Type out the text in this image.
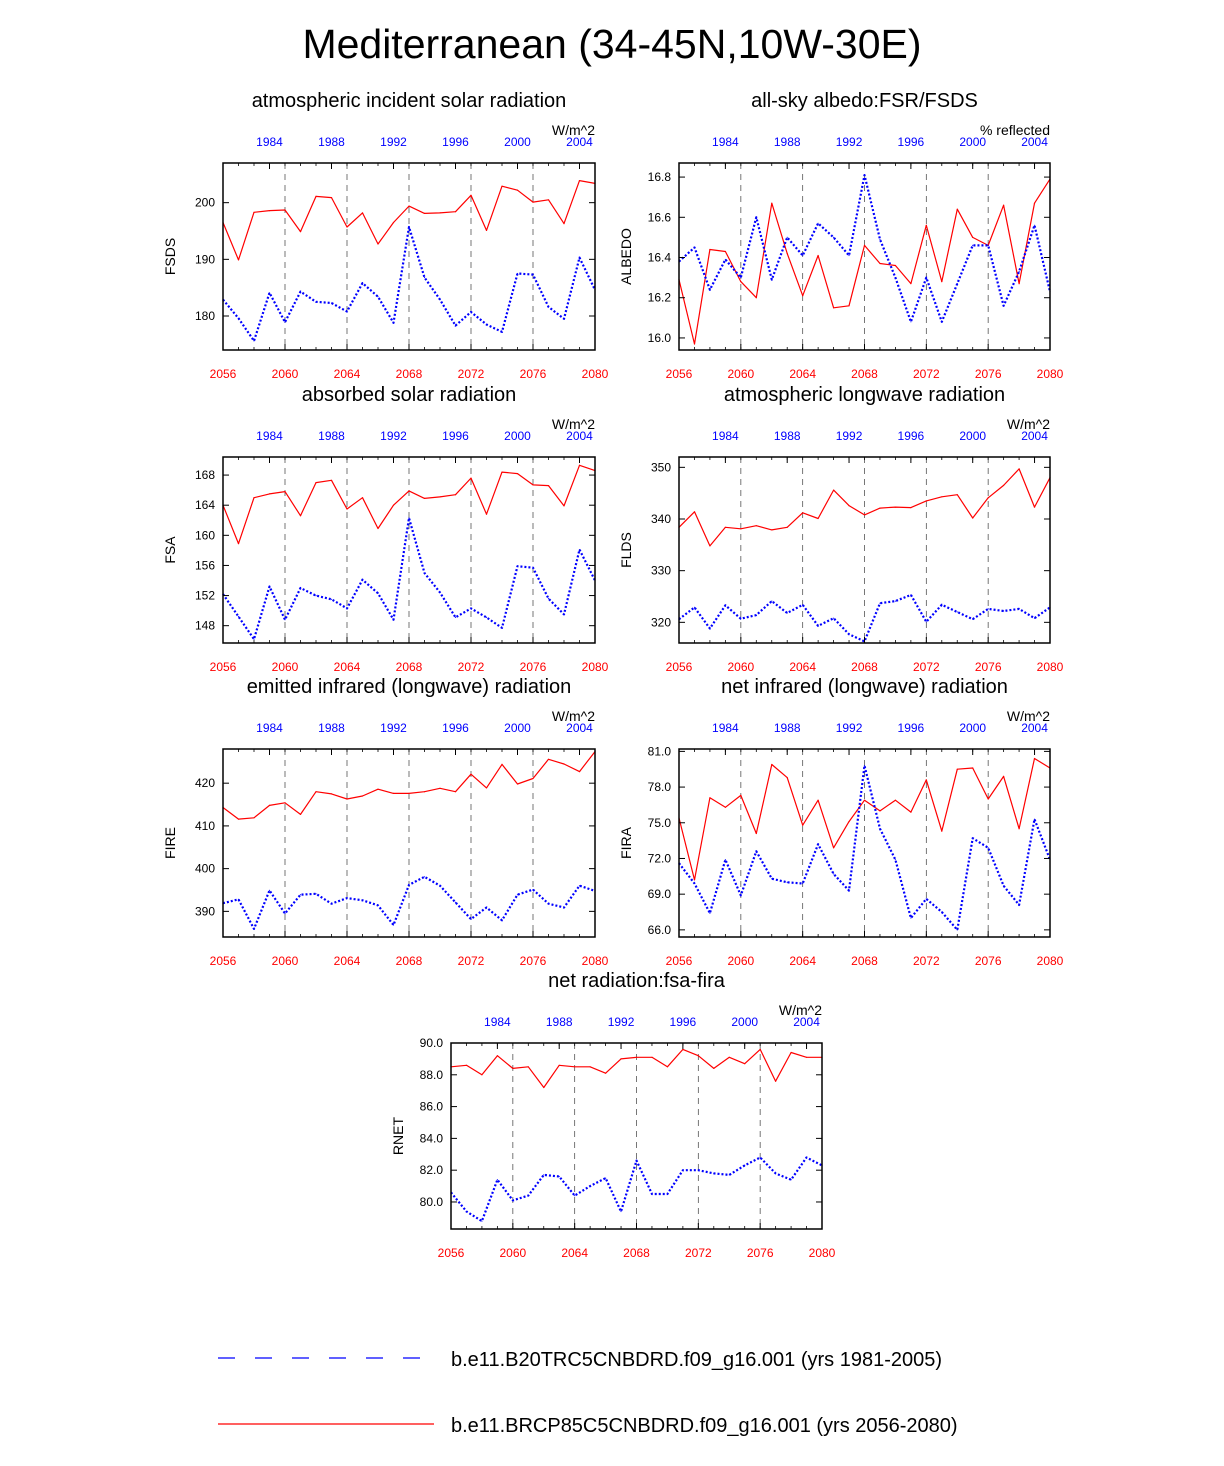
Mediterranean (34-45N,10W-30E)
atmospheric incident solar radiation
W/m^2
FSDS
2056	2060	2064	2068	2072	2076	2080
1984	1988	1992	1996	2000	2004
180
190
200
all-sky albedo:FSR/FSDS
% reflected
ALBEDO
2056	2060	2064	2068	2072	2076	2080
1984	1988	1992	1996	2000	2004
16.0
16.2
16.4
16.6
16.8
absorbed solar radiation
W/m^2
FSA
2056	2060	2064	2068	2072	2076	2080
1984	1988	1992	1996	2000	2004
148
152
156
160
164
168
atmospheric longwave radiation
W/m^2
FLDS
2056	2060	2064	2068	2072	2076	2080
1984	1988	1992	1996	2000	2004
320
330
340
350
emitted infrared (longwave) radiation
W/m^2
FIRE
2056	2060	2064	2068	2072	2076	2080
1984	1988	1992	1996	2000	2004
390
400
410
420
net infrared (longwave) radiation
W/m^2
FIRA
2056	2060	2064	2068	2072	2076	2080
1984	1988	1992	1996	2000	2004
66.0
69.0
72.0
75.0
78.0
81.0
net radiation:fsa-fira
W/m^2
RNET
2056	2060	2064	2068	2072	2076	2080
1984	1988	1992	1996	2000	2004
80.0
82.0
84.0
86.0
88.0
90.0
b.e11.B20TRC5CNBDRD.f09_g16.001 (yrs 1981-2005)
b.e11.BRCP85C5CNBDRD.f09_g16.001 (yrs 2056-2080)
